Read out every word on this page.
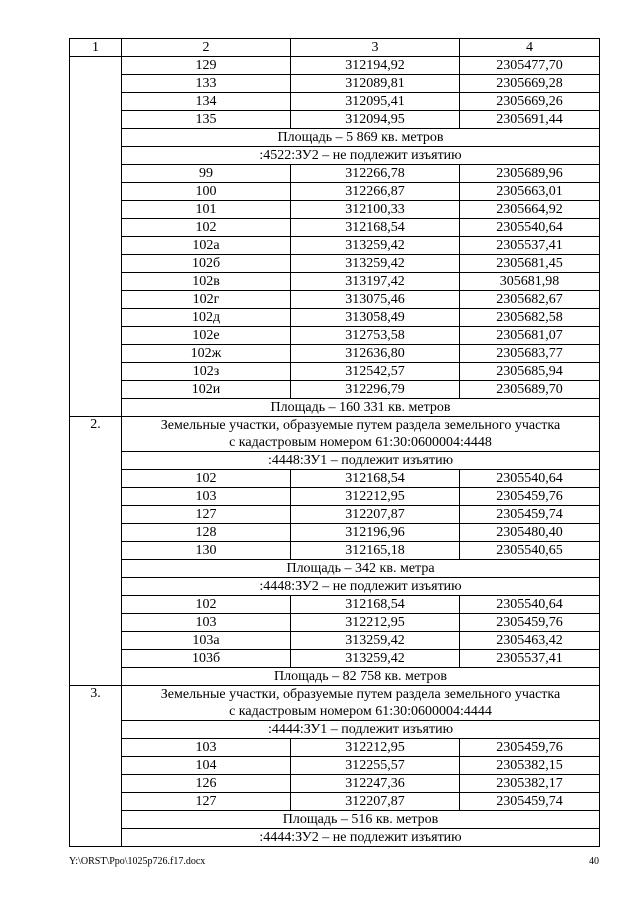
1	2	3	4
	129	312194,92	2305477,70
	133	312089,81	2305669,28
	134	312095,41	2305669,26
	135	312094,95	2305691,44
	Площадь – 5 869 кв. метров		
	:4522:ЗУ2 – не подлежит изъятию		
	99	312266,78	2305689,96
	100	312266,87	2305663,01
	101	312100,33	2305664,92
	102	312168,54	2305540,64
	102а	313259,42	2305537,41
	102б	313259,42	2305681,45
	102в	313197,42	305681,98
	102г	313075,46	2305682,67
	102д	313058,49	2305682,58
	102е	312753,58	2305681,07
	102ж	312636,80	2305683,77
	102з	312542,57	2305685,94
	102и	312296,79	2305689,70
	Площадь – 160 331 кв. метров		
2.	Земельные участки, образуемые путем раздела земельного участка
с кадастровым номером 61:30:0600004:4448		

	:4448:ЗУ1 – подлежит изъятию		
	102	312168,54	2305540,64
	103	312212,95	2305459,76
	127	312207,87	2305459,74
	128	312196,96	2305480,40
	130	312165,18	2305540,65
	Площадь – 342 кв. метра		
	:4448:ЗУ2 – не подлежит изъятию		
	102	312168,54	2305540,64
	103	312212,95	2305459,76
	103а	313259,42	2305463,42
	103б	313259,42	2305537,41
	Площадь – 82 758 кв. метров		
3.	Земельные участки, образуемые путем раздела земельного участка
с кадастровым номером 61:30:0600004:4444		

	:4444:ЗУ1 – подлежит изъятию		
	103	312212,95	2305459,76
	104	312255,57	2305382,15
	126	312247,36	2305382,17
	127	312207,87	2305459,74
	Площадь – 516 кв. метров		
	:4444:ЗУ2 – не подлежит изъятию		
Y:\ORST\Ppo\1025p726.f17.docx	40
